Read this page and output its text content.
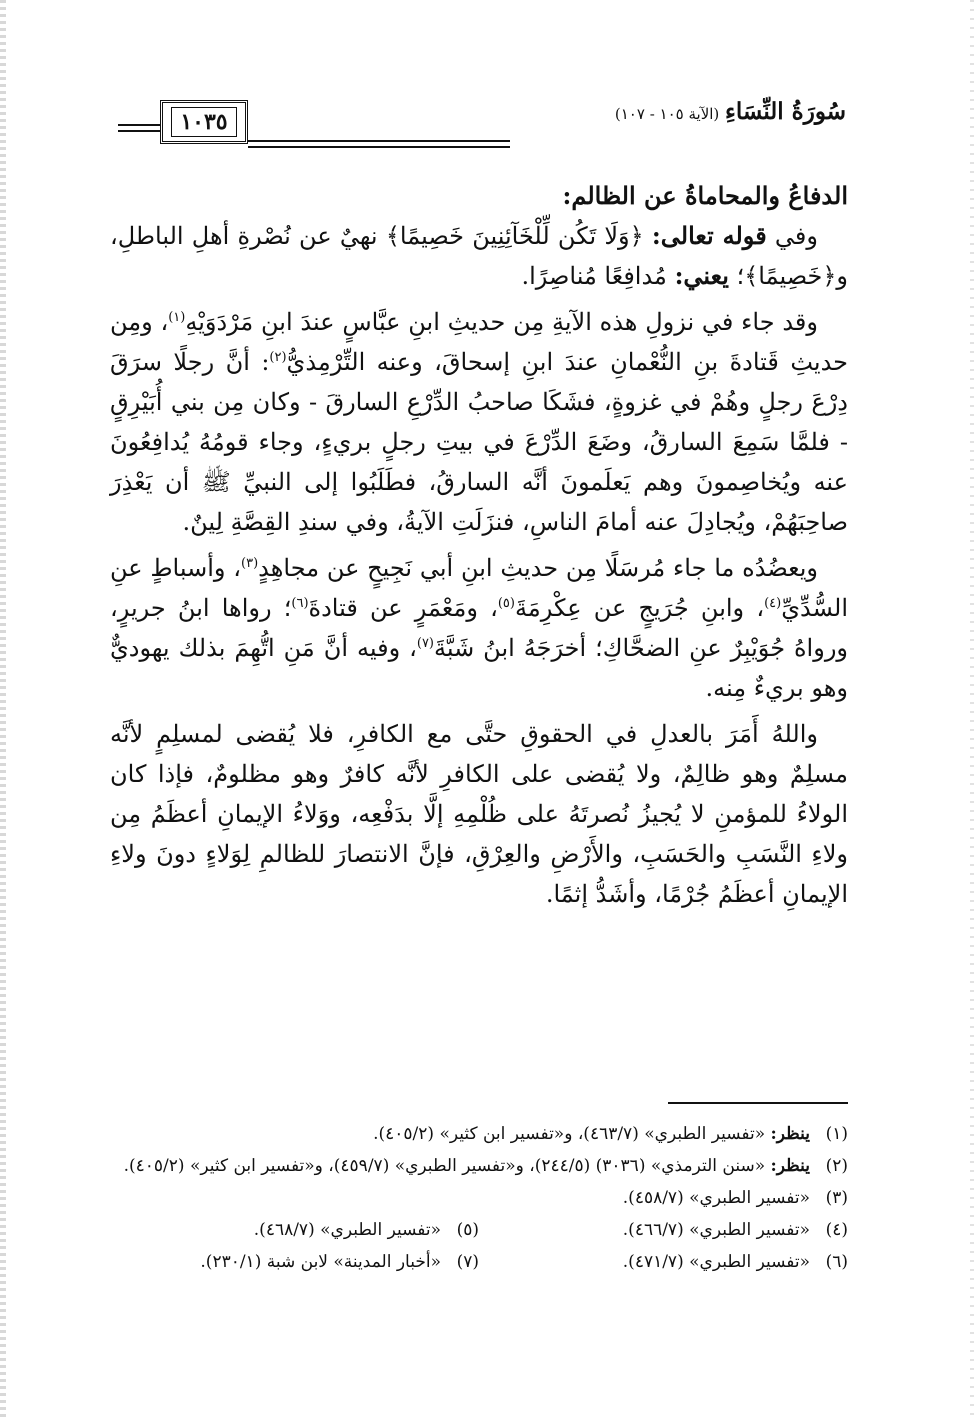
١٠٣٥	سُورَةُ النِّسَاءِ (الآية ١٠٥ - ١٠٧)

الدفاعُ والمحاماةُ عن الظالم:

وفي قوله تعالى: ﴿وَلَا تَكُن لِّلْخَآئِنِينَ خَصِيمًا﴾ نهيٌ عن نُصْرةِ أهلِ الباطلِ، و﴿خَصِيمًا﴾؛ يعني: مُدافِعًا مُناصِرًا.

وقد جاء في نزولِ هذه الآيةِ مِن حديثِ ابنِ عبَّاسٍ عندَ ابنِ مَرْدَوَيْهِ$^{(١)}$، ومِن حديثِ قَتادةَ بنِ النُّعْمانِ عندَ ابنِ إسحاقَ، وعنه التِّرْمِذيُّ$^{(٢)}$: أنَّ رجلًا سرَقَ دِرْعَ رجلٍ وهُمْ في غزوةٍ، فشَكَا صاحبُ الدِّرْعِ السارقَ - وكان مِن بني أُبَيْرِقٍ - فلمَّا سَمِعَ السارقُ، وضَعَ الدِّرْعَ في بيتِ رجلٍ بريءٍ، وجاء قومُهُ يُدافِعُونَ عنه ويُخاصِمونَ وهم يَعلَمونَ أنَّه السارقُ، فطَلَبُوا إلى النبيِّ ﷺ أن يَعْذِرَ صاحِبَهُمْ، ويُجادِلَ عنه أمامَ الناسِ، فنزَلَتِ الآيةُ، وفي سندِ القِصَّةِ لِينٌ.

ويعضُدُه ما جاء مُرسَلًا مِن حديثِ ابنِ أبي نَجِيحٍ عن مجاهِدٍ$^{(٣)}$، وأسباطٍ عنِ السُّدِّيِّ$^{(٤)}$، وابنِ جُرَيجٍ عن عِكْرِمَةَ$^{(٥)}$، ومَعْمَرٍ عن قتادةَ$^{(٦)}$؛ رواها ابنُ جريرٍ، ورواهُ جُوَيْبِرٌ عنِ الضحَّاكِ؛ أخرَجَهُ ابنُ شَبَّةَ$^{(٧)}$، وفيه أنَّ مَنِ اتُّهِمَ بذلك يهوديٌّ وهو بريءٌ مِنه.

واللهُ أَمَرَ بالعدلِ في الحقوقِ حتَّى مع الكافرِ، فلا يُقضى لمسلِمٍ لأنَّه مسلِمٌ وهو ظالِمٌ، ولا يُقضى على الكافرِ لأنَّه كافرٌ وهو مظلومٌ، فإذا كان الولاءُ للمؤمنِ لا يُجيزُ نُصرتَهُ على ظُلْمِهِ إلَّا بدَفْعِه، ووَلاءُ الإيمانِ أعظَمُ مِن ولاءِ النَّسَبِ والحَسَبِ، والأَرْضِ والعِرْقِ، فإنَّ الانتصارَ للظالمِ لِوَلاءٍ دونَ ولاءِ الإيمانِ أعظَمُ جُرْمًا، وأشَدُّ إثمًا.

(١)
ينظر: «تفسير الطبري» (٤٦٣/٧)، و«تفسير ابن كثير» (٤٠٥/٢).
(٢)
ينظر: «سنن الترمذي» (٣٠٣٦) (٢٤٤/٥)، و«تفسير الطبري» (٤٥٩/٧)، و«تفسير ابن كثير» (٤٠٥/٢).
(٣)
«تفسير الطبري» (٤٥٨/٧).
(٤)
«تفسير الطبري» (٤٦٦/٧).
(٥)
«تفسير الطبري» (٤٦٨/٧).
(٦)
«تفسير الطبري» (٤٧١/٧).
(٧)
«أخبار المدينة» لابن شبة (٢٣٠/١).
